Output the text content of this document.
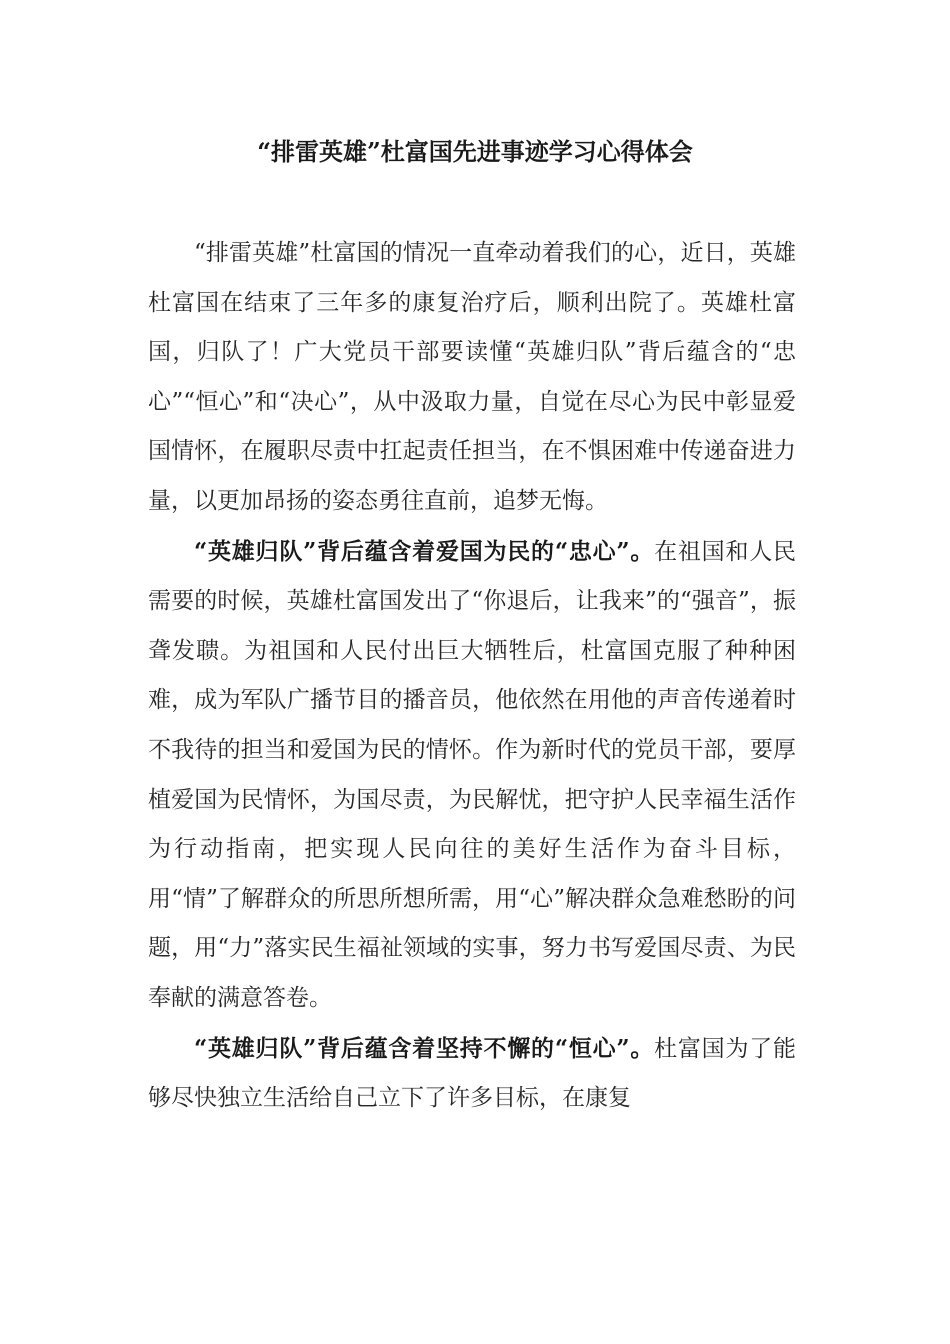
“排雷英雄”杜富国先进事迹学习心得体会

“排雷英雄”杜富国的情况一直牵动着我们的心，近日，英雄杜富国在结束了三年多的康复治疗后，顺利出院了。英雄杜富国，归队了！广大党员干部要读懂“英雄归队”背后蕴含的“忠心”“恒心”和“决心”，从中汲取力量，自觉在尽心为民中彰显爱国情怀，在履职尽责中扛起责任担当，在不惧困难中传递奋进力量，以更加昂扬的姿态勇往直前，追梦无悔。

“英雄归队”背后蕴含着爱国为民的“忠心”。在祖国和人民需要的时候，英雄杜富国发出了“你退后，让我来”的“强音”，振聋发聩。为祖国和人民付出巨大牺牲后，杜富国克服了种种困难，成为军队广播节目的播音员，他依然在用他的声音传递着时不我待的担当和爱国为民的情怀。作为新时代的党员干部，要厚植爱国为民情怀，为国尽责，为民解忧，把守护人民幸福生活作为行动指南，把实现人民向往的美好生活作为奋斗目标，用“情”了解群众的所思所想所需，用“心”解决群众急难愁盼的问题，用“力”落实民生福祉领域的实事，努力书写爱国尽责、为民奉献的满意答卷。

“英雄归队”背后蕴含着坚持不懈的“恒心”。杜富国为了能够尽快独立生活给自己立下了许多目标，在康复
